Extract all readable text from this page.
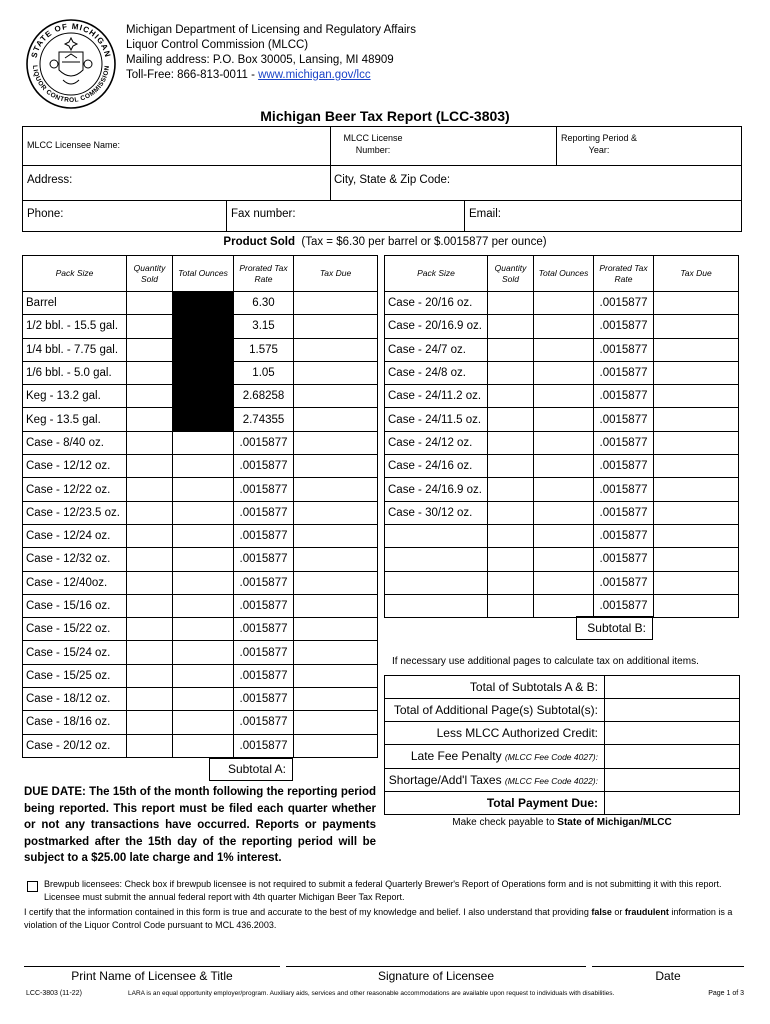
STATE OF MICHIGAN
LIQUOR CONTROL COMMISSION
Michigan Department of Licensing and Regulatory Affairs
Liquor Control Commission (MLCC)
Mailing address: P.O. Box 30005, Lansing, MI 48909
Toll-Free: 866-813-0011 - www.michigan.gov/lcc
Michigan Beer Tax Report (LCC-3803)
MLCC Licensee Name:
MLCC License Number:
Reporting Period & Year:
Address:	City, State & Zip Code:
Phone:	Fax number:	Email:
Product Sold (Tax = $6.30 per barrel or $.0015877 per ounce)
Pack Size	Quantity Sold	Total Ounces	Prorated Tax Rate	Tax Due
Barrel			6.30	
1/2 bbl. - 15.5 gal.			3.15	
1/4 bbl. - 7.75 gal.			1.575	
1/6 bbl. - 5.0 gal.			1.05	
Keg - 13.2 gal.			2.68258	
Keg - 13.5 gal.			2.74355	
Case - 8/40 oz.			.0015877	
Case - 12/12 oz.			.0015877	
Case - 12/22 oz.			.0015877	
Case - 12/23.5 oz.			.0015877	
Case - 12/24 oz.			.0015877	
Case - 12/32 oz.			.0015877	
Case - 12/40oz.			.0015877	
Case - 15/16 oz.			.0015877	
Case - 15/22 oz.			.0015877	
Case - 15/24 oz.			.0015877	
Case - 15/25 oz.			.0015877	
Case - 18/12 oz.			.0015877	
Case - 18/16 oz.			.0015877	
Case - 20/12 oz.			.0015877	
Subtotal A:
Pack Size	Quantity Sold	Total Ounces	Prorated Tax Rate	Tax Due
Case - 20/16 oz.			.0015877	
Case - 20/16.9 oz.			.0015877	
Case - 24/7 oz.			.0015877	
Case - 24/8 oz.			.0015877	
Case - 24/11.2 oz.			.0015877	
Case - 24/11.5 oz.			.0015877	
Case - 24/12 oz.			.0015877	
Case - 24/16 oz.			.0015877	
Case - 24/16.9 oz.			.0015877	
Case - 30/12 oz.			.0015877	
			.0015877	
			.0015877	
			.0015877	
			.0015877	
Subtotal B:
If necessary use additional pages to calculate tax on additional items.
Total of Subtotals A & B:
Total of Additional Page(s) Subtotal(s):
Less MLCC Authorized Credit:
Late Fee Penalty (MLCC Fee Code 4027):
Shortage/Add'l Taxes (MLCC Fee Code 4022):
Total Payment Due:
Make check payable to State of Michigan/MLCC
DUE DATE: The 15th of the month following the reporting period being reported. This report must be filed each quarter whether or not any transactions have occurred. Reports or payments postmarked after the 15th day of the reporting period will be subject to a $25.00 late charge and 1% interest.
Brewpub licensees: Check box if brewpub licensee is not required to submit a federal Quarterly Brewer's Report of Operations form and is not submitting it with this report. Licensee must submit the annual federal report with 4th quarter Michigan Beer Tax Report.
I certify that the information contained in this form is true and accurate to the best of my knowledge and belief. I also understand that providing false or fraudulent information is a violation of the Liquor Control Code pursuant to MCL 436.2003.
Print Name of Licensee & Title	Signature of Licensee	Date
LCC-3803 (11-22)	LARA is an equal opportunity employer/program. Auxiliary aids, services and other reasonable accommodations are available upon request to individuals with disabilities.	Page 1 of 3
